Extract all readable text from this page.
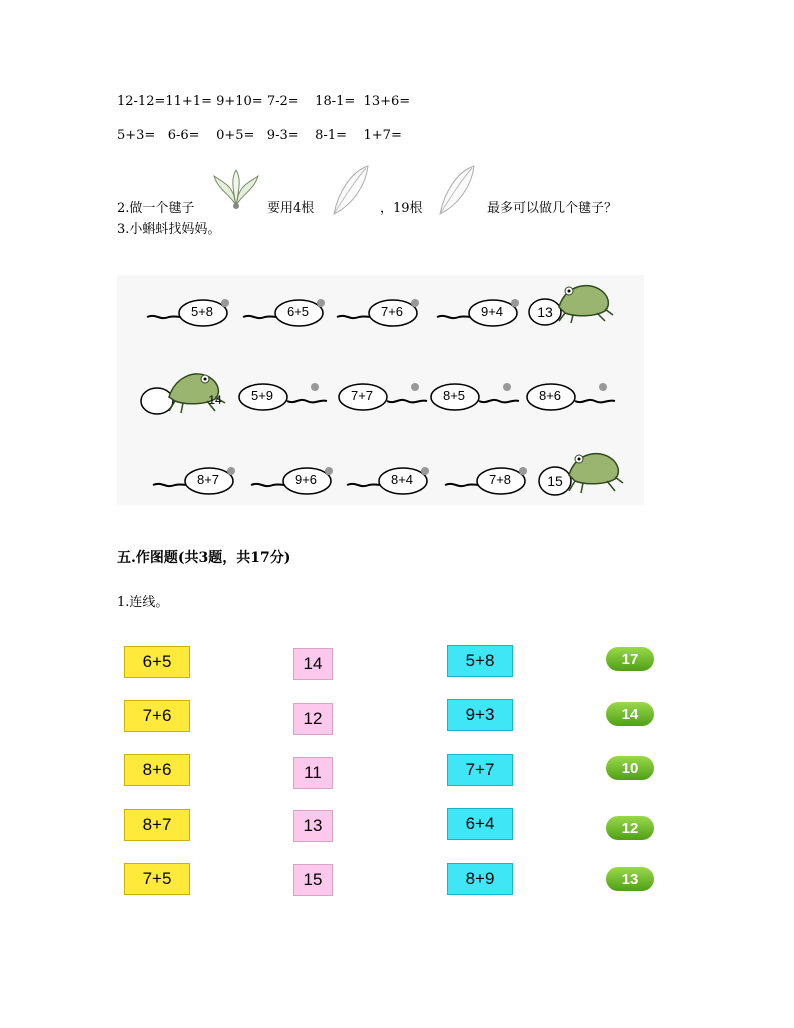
12-12=11+1= 9+10= 7-2=    18-1=  13+6=
5+3=   6-6=    0+5=   9-3=    8-1=    1+7=
2.做一个毽子	要用4根	，19根	最多可以做几个毽子？
3.小蝌蚪找妈妈。
5+8	6+5	7+6	9+4	13
14	5+9	7+7	8+5	8+6
8+7	9+6	8+4	7+8	15
五.作图题(共3题，共17分)
1.连线。
6+5
7+6
8+6
8+7
7+5
14
12
11
13
15
5+8
9+3
7+7
6+4
8+9
17
14
10
12
13
